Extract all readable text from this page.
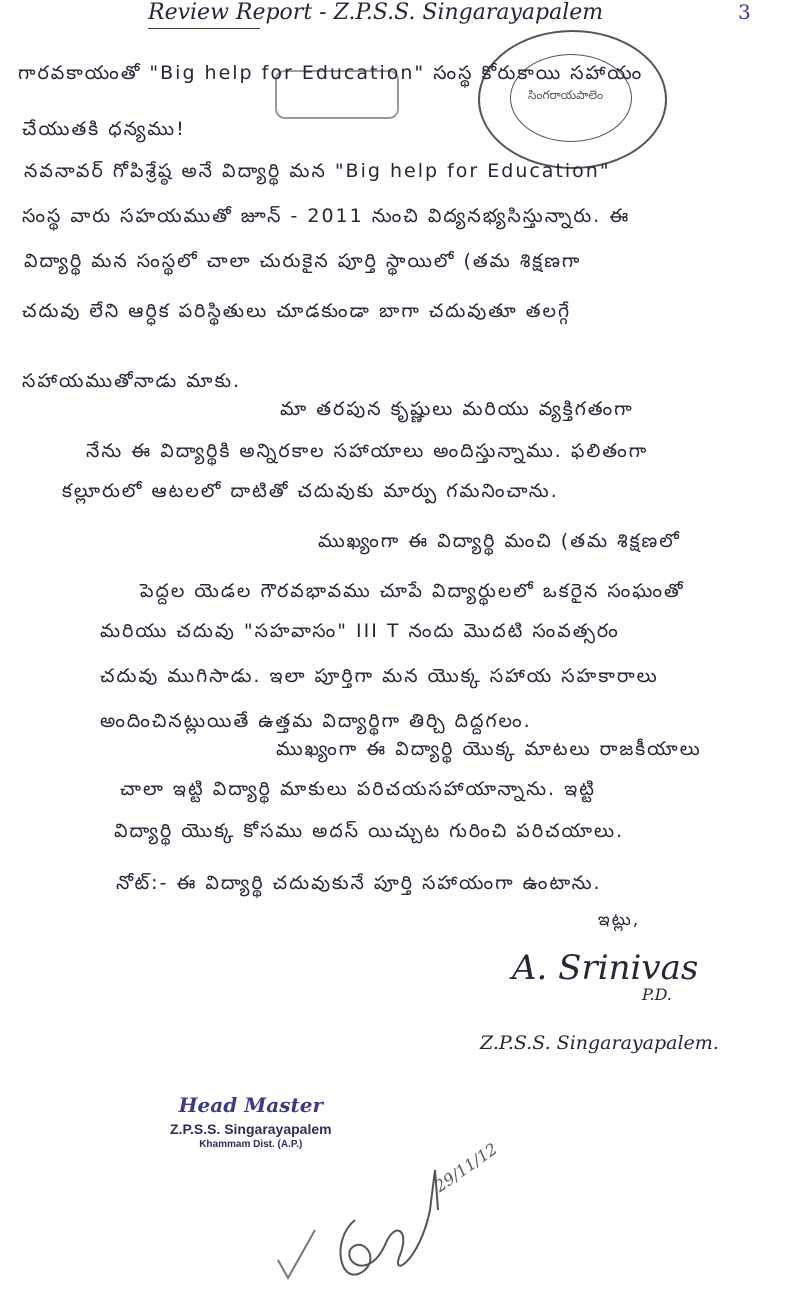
Review Report - Z.P.S.S. Singarayapalem	3
సింగరాయపాలెం
గారవకాయంతో "Big help for Education" సంస్థ కోరుకాయి సహాయం
చేయుతకి ధన్యము!
నవనావర్ గోపిశ్రేష్ఠ అనే విద్యార్థి మన "Big help for Education"
సంస్థ వారు సహయముతో జూన్ - 2011 నుంచి విద్యనభ్యసిస్తున్నారు. ఈ
విద్యార్థి మన సంస్థలో చాలా చురుకైన పూర్తి స్థాయిలో (తమ శిక్షణగా
చదువు లేని ఆర్ధిక పరిస్థితులు చూడకుండా బాగా చదువుతూ తలగ్గే
సహాయముతోనాడు మాకు.
మా తరపున కృష్ణులు మరియు వ్యక్తిగతంగా
నేను ఈ విద్యార్థికి అన్నిరకాల సహాయాలు అందిస్తున్నాము. ఫలితంగా
కల్లూరులో ఆటలలో దాటితో చదువుకు మార్పు గమనించాను.
ముఖ్యంగా ఈ విద్యార్థి మంచి (తమ శిక్షణలో
పెద్దల యెడల గౌరవభావము చూపే విద్యార్థులలో ఒకరైన సంఘంతో
మరియు చదువు "సహవాసం" III T నందు మొదటి సంవత్సరం
చదువు ముగిసాడు. ఇలా పూర్తిగా మన యొక్క సహాయ సహకారాలు
అందించినట్లుయితే ఉత్తమ విద్యార్థిగా తిర్చి దిద్దగలం.
ముఖ్యంగా ఈ విద్యార్థి యొక్క మాటలు రాజకీయాలు
చాలా ఇట్టి విద్యార్థి మాకులు పరిచయసహాయాన్నాను. ఇట్టి
విద్యార్థి యొక్క కోసము అదస్ యిచ్చుట గురించి పరిచయాలు.
నోట్:- ఈ విద్యార్థి చదువుకునే పూర్తి సహాయంగా ఉంటాను.
ఇట్లు,
A. Srinivas
P.D.
Z.P.S.S. Singarayapalem.
Head Master
Z.P.S.S. Singarayapalem
Khammam Dist. (A.P.)	29/11/12
